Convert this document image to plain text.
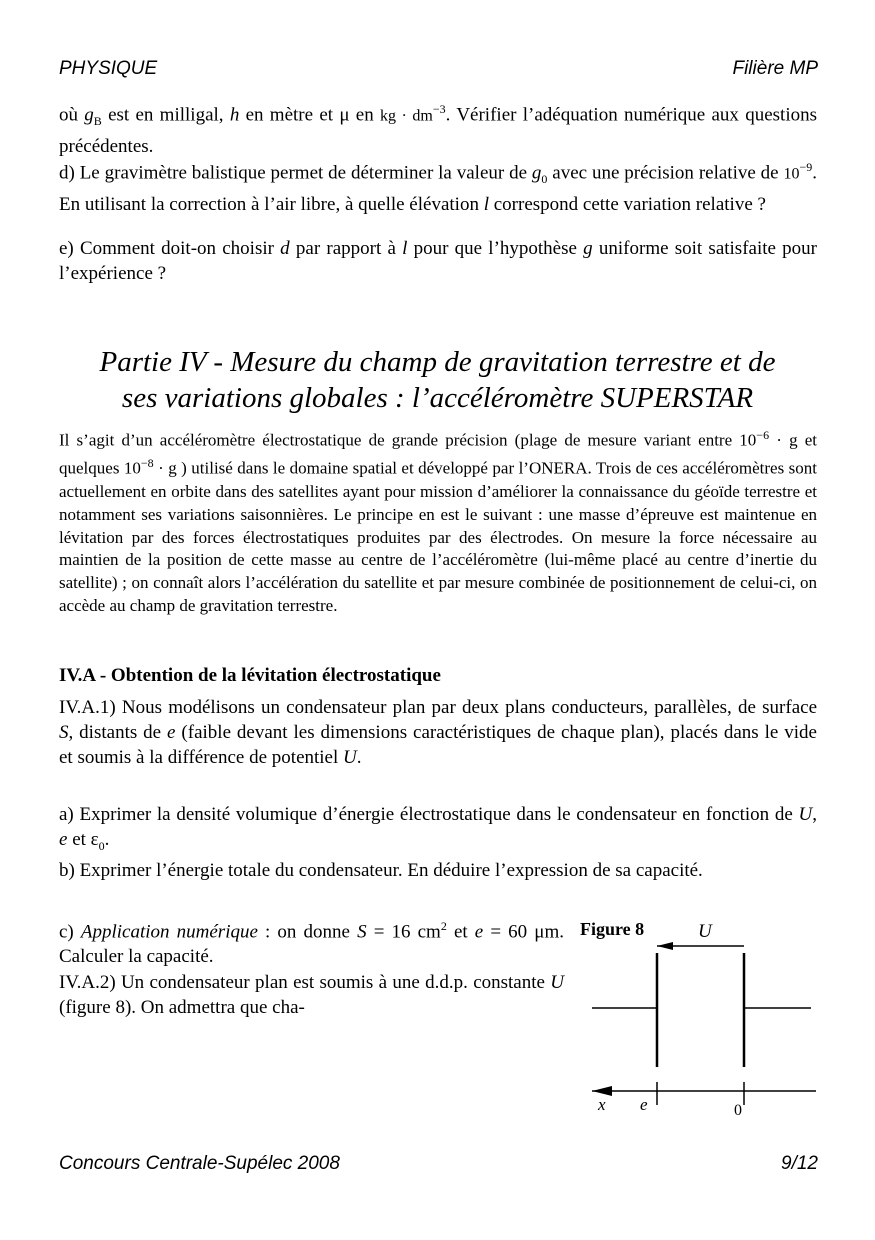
PHYSIQUE	Filière MP
où $g_B$ est en milligal, h en mètre et μ en kg · $dm^{-3}$. Vérifier l’adéquation numérique aux questions précédentes.
d) Le gravimètre balistique permet de déterminer la valeur de $g_0$ avec une précision relative de $10^{-9}$. En utilisant la correction à l’air libre, à quelle élévation l correspond cette variation relative ?
e) Comment doit-on choisir d par rapport à l pour que l’hypothèse g uniforme soit satisfaite pour l’expérience ?
Partie IV - Mesure du champ de gravitation terrestre et de
ses variations globales : l’accéléromètre SUPERSTAR
Il s’agit d’un accéléromètre électrostatique de grande précision (plage de mesure variant entre $10^{-6} \cdot g$ et quelques $10^{-8} \cdot g$ ) utilisé dans le domaine spatial et développé par l’ONERA. Trois de ces accéléromètres sont actuellement en orbite dans des satellites ayant pour mission d’améliorer la connaissance du géoïde terrestre et notamment ses variations saisonnières. Le principe en est le suivant : une masse d’épreuve est maintenue en lévitation par des forces électrostatiques produites par des électrodes. On mesure la force nécessaire au maintien de la position de cette masse au centre de l’accéléromètre (lui-même placé au centre d’inertie du satellite) ; on connaît alors l’accélération du satellite et par mesure combinée de positionnement de celui-ci, on accède au champ de gravitation terrestre.
IV.A - Obtention de la lévitation électrostatique
IV.A.1) Nous modélisons un condensateur plan par deux plans conducteurs, parallèles, de surface S, distants de e (faible devant les dimensions caractéristiques de chaque plan), placés dans le vide et soumis à la différence de potentiel U.
a) Exprimer la densité volumique d’énergie électrostatique dans le condensateur en fonction de U, e et $\varepsilon_0$.
b) Exprimer l’énergie totale du condensateur. En déduire l’expression de sa capacité.
c) Application numérique : on donne S = 16 $cm^2$ et e = 60 μm. Calculer la capacité.
IV.A.2) Un condensateur plan est soumis à une d.d.p. constante U (figure 8). On admettra que cha-
Figure 8	U
x e	0
Concours Centrale-Supélec 2008	9/12
